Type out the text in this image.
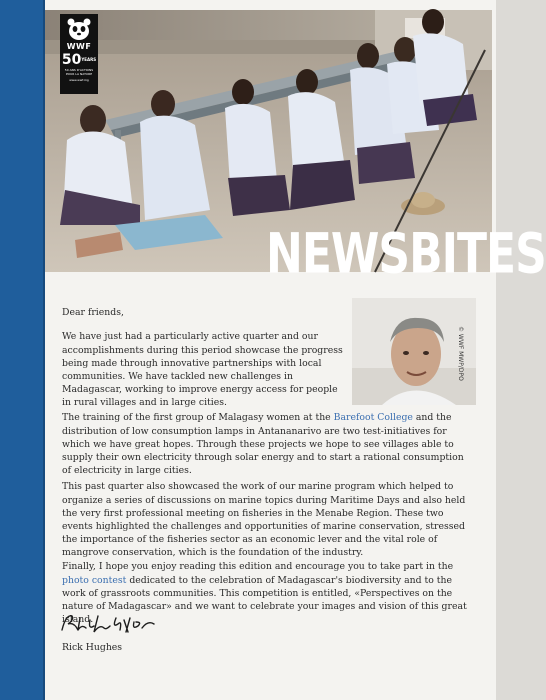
WWF
50YEARS
50 ANS D'ACTIONS POUR LA NATURE
www.wwf.mg
NEWSBITES
© WWF MWP/DPO

Dear friends,

We have just had a particularly active quarter and our accomplishments during this period showcase the progress being made through innovative partnerships with local communities. We have tackled new challenges in Madagascar, working to improve energy access for people in rural villages and in large cities.

The training of the first group of Malagasy women at the Barefoot College and the distribution of low consumption lamps in Antananarivo are two test-initiatives for which we have great hopes. Through these projects we hope to see villages able to supply their own electricity through solar energy and to start a rational consumption of electricity in large cities.

This past quarter also showcased the work of our marine program which helped to organize a series of discussions on marine topics during Maritime Days and also held the very first professional meeting on fisheries in the Menabe Region. These two events highlighted the challenges and opportunities of marine conservation, stressed the importance of the fisheries sector as an economic lever and the vital role of mangrove conservation, which is the foundation of the industry.

Finally, I hope you enjoy reading this edition and encourage you to take part in the photo contest dedicated to the celebration of Madagascar's biodiversity and to the work of grassroots communities. This competition is entitled, «Perspectives on the nature of Madagascar» and we want to celebrate your images and vision of this great island.

Rick Hughes
